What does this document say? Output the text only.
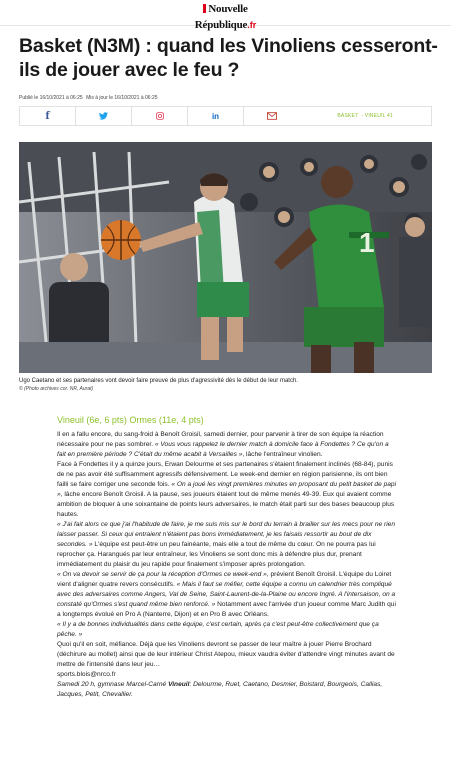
Nouvelle
République.fr
Basket (N3M) : quand les Vinoliens cesseront-ils de jouer avec le feu ?
Publié le 16/10/2021 à 06:25 Mis à jour le 16/10/2021 à 06:25
f	in	BASKET - VINEUIL 41
1
Ugo Caetano et ses partenaires vont devoir faire preuve de plus d'agressivité dès le début de leur match.
© (Photo archives cor. NR, Aurat)
Vineuil (6e, 6 pts) Ormes (11e, 4 pts)

Il en a fallu encore, du sang-froid à Benoît Groisil, samedi dernier, pour parvenir à tirer de son équipe la réaction nécessaire pour ne pas sombrer. « Vous vous rappelez le dernier match à domicile face à Fondettes ? Ce qu'on a fait en première période ? C'était du même acabit à Versailles », lâche l'entraîneur vinolien.

Face à Fondettes il y a quinze jours, Erwan Delourme et ses partenaires s'étaient finalement inclinés (68-84), punis de ne pas avoir été suffisamment agressifs défensivement. Le week-end dernier en région parisienne, ils ont bien failli se faire corriger une seconde fois. « On a joué les vingt premières minutes en proposant du petit basket de papi », lâche encore Benoît Groisil. A la pause, ses joueurs étaient tout de même menés 49-39. Eux qui avaient comme ambition de bloquer à une soixantaine de points leurs adversaires, le match était parti sur des bases beaucoup plus hautes.

« J'ai fait alors ce que j'ai l'habitude de faire, je me suis mis sur le bord du terrain à brailler sur les mecs pour ne rien laisser passer. Si ceux qui entraient n'étaient pas bons immédiatement, je les faisais ressortir au bout de dix secondes. » L'équipe est peut-être un peu fainéante, mais elle a tout de même du cœur. On ne pourra pas lui reprocher ça. Harangués par leur entraîneur, les Vinoliens se sont donc mis à défendre plus dur, prenant immédiatement du plaisir du jeu rapide pour finalement s'imposer après prolongation.

« On va devoir se servir de ça pour la réception d'Ormes ce week-end », prévient Benoît Groisil. L'équipe du Loiret vient d'aligner quatre revers consécutifs. « Mais il faut se méfier, cette équipe a connu un calendrier très compliqué avec des adversaires comme Angers, Val de Seine, Saint-Laurent-de-la-Plaine ou encore Ingré. A l'intersaison, on a constaté qu'Ormes s'est quand même bien renforcé. » Notamment avec l'arrivée d'un joueur comme Marc Judith qui a longtemps évolué en Pro A (Nanterre, Dijon) et en Pro B avec Orléans.

« Il y a de bonnes individualités dans cette équipe, c'est certain, après ça c'est peut-être collectivement que ça pêche. »

Quoi qu'il en soit, méfiance. Déjà que les Vinoliens devront se passer de leur maître à jouer Pierre Brochard (déchirure au mollet) ainsi que de leur intérieur Christ Atepou, mieux vaudra éviter d'attendre vingt minutes avant de mettre de l'intensité dans leur jeu…

sports.blois@nrco.fr

Samedi 20 h, gymnase Marcel-Carné Vineuil: Delourme, Ruet, Caetano, Desmier, Boistard, Bourgeois, Callias, Jacques, Petit, Chevallier.
